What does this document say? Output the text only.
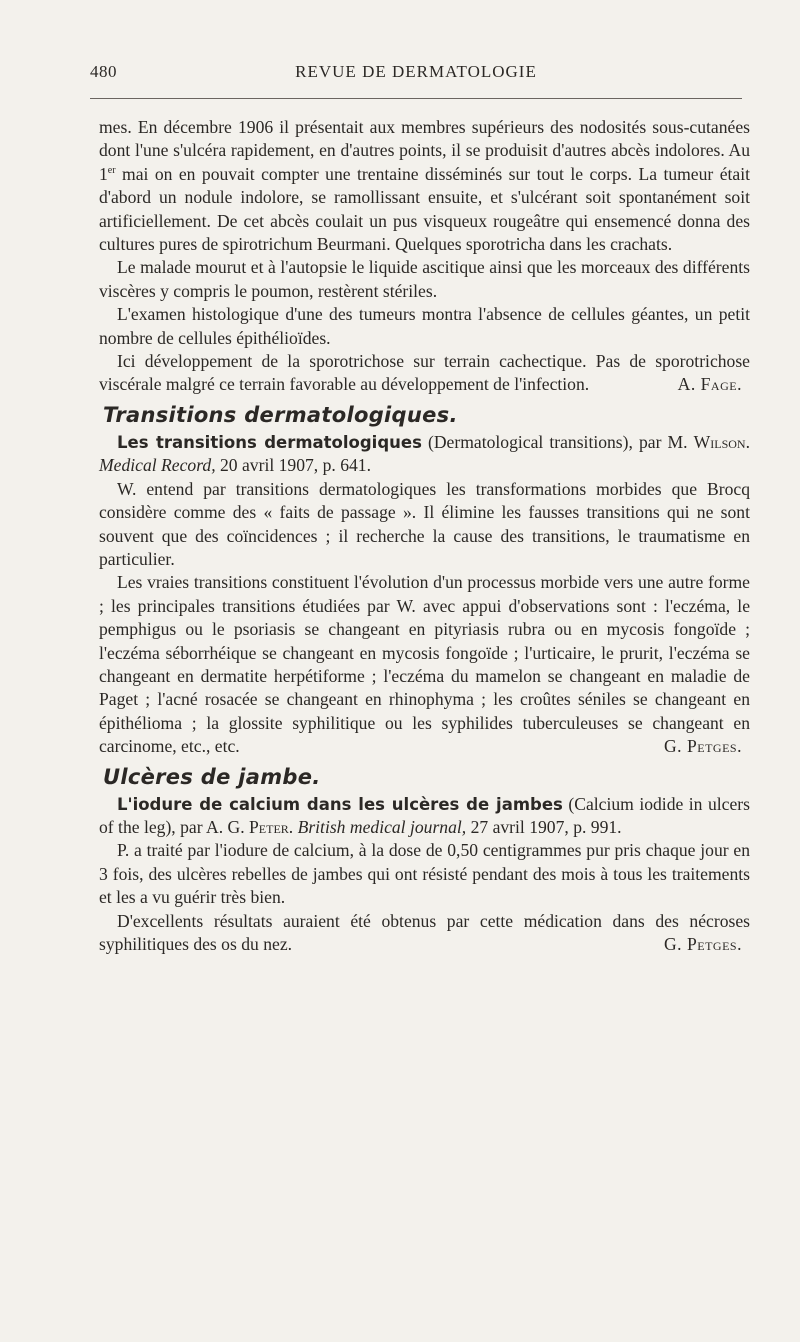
480	REVUE DE DERMATOLOGIE

mes. En décembre 1906 il présentait aux membres supérieurs des nodosités sous-cutanées dont l'une s'ulcéra rapidement, en d'autres points, il se produisit d'autres abcès indolores. Au 1er mai on en pouvait compter une trentaine disséminés sur tout le corps. La tumeur était d'abord un nodule indolore, se ramollissant ensuite, et s'ulcérant soit spontanément soit artificiellement. De cet abcès coulait un pus visqueux rougeâtre qui ensemencé donna des cultures pures de spirotrichum Beurmani. Quelques sporotricha dans les crachats.

Le malade mourut et à l'autopsie le liquide ascitique ainsi que les morceaux des différents viscères y compris le poumon, restèrent stériles.

L'examen histologique d'une des tumeurs montra l'absence de cellules géantes, un petit nombre de cellules épithélioïdes.

Ici développement de la sporotrichose sur terrain cachectique. Pas de sporotrichose viscérale malgré ce terrain favorable au développement de l'infection.	A. Fage.

Transitions dermatologiques.

Les transitions dermatologiques (Dermatological transitions), par M. Wilson. Medical Record, 20 avril 1907, p. 641.

W. entend par transitions dermatologiques les transformations morbides que Brocq considère comme des « faits de passage ». Il élimine les fausses transitions qui ne sont souvent que des coïncidences ; il recherche la cause des transitions, le traumatisme en particulier.

Les vraies transitions constituent l'évolution d'un processus morbide vers une autre forme ; les principales transitions étudiées par W. avec appui d'observations sont : l'eczéma, le pemphigus ou le psoriasis se changeant en pityriasis rubra ou en mycosis fongoïde ; l'eczéma séborrhéique se changeant en mycosis fongoïde ; l'urticaire, le prurit, l'eczéma se changeant en dermatite herpétiforme ; l'eczéma du mamelon se changeant en maladie de Paget ; l'acné rosacée se changeant en rhinophyma ; les croûtes séniles se changeant en épithélioma ; la glossite syphilitique ou les syphilides tuberculeuses se changeant en carcinome, etc., etc.	G. Petges.

Ulcères de jambe.

L'iodure de calcium dans les ulcères de jambes (Calcium iodide in ulcers of the leg), par A. G. Peter. British medical journal, 27 avril 1907, p. 991.

P. a traité par l'iodure de calcium, à la dose de 0,50 centigrammes pur pris chaque jour en 3 fois, des ulcères rebelles de jambes qui ont résisté pendant des mois à tous les traitements et les a vu guérir très bien.

D'excellents résultats auraient été obtenus par cette médication dans des nécroses syphilitiques des os du nez.	G. Petges.
